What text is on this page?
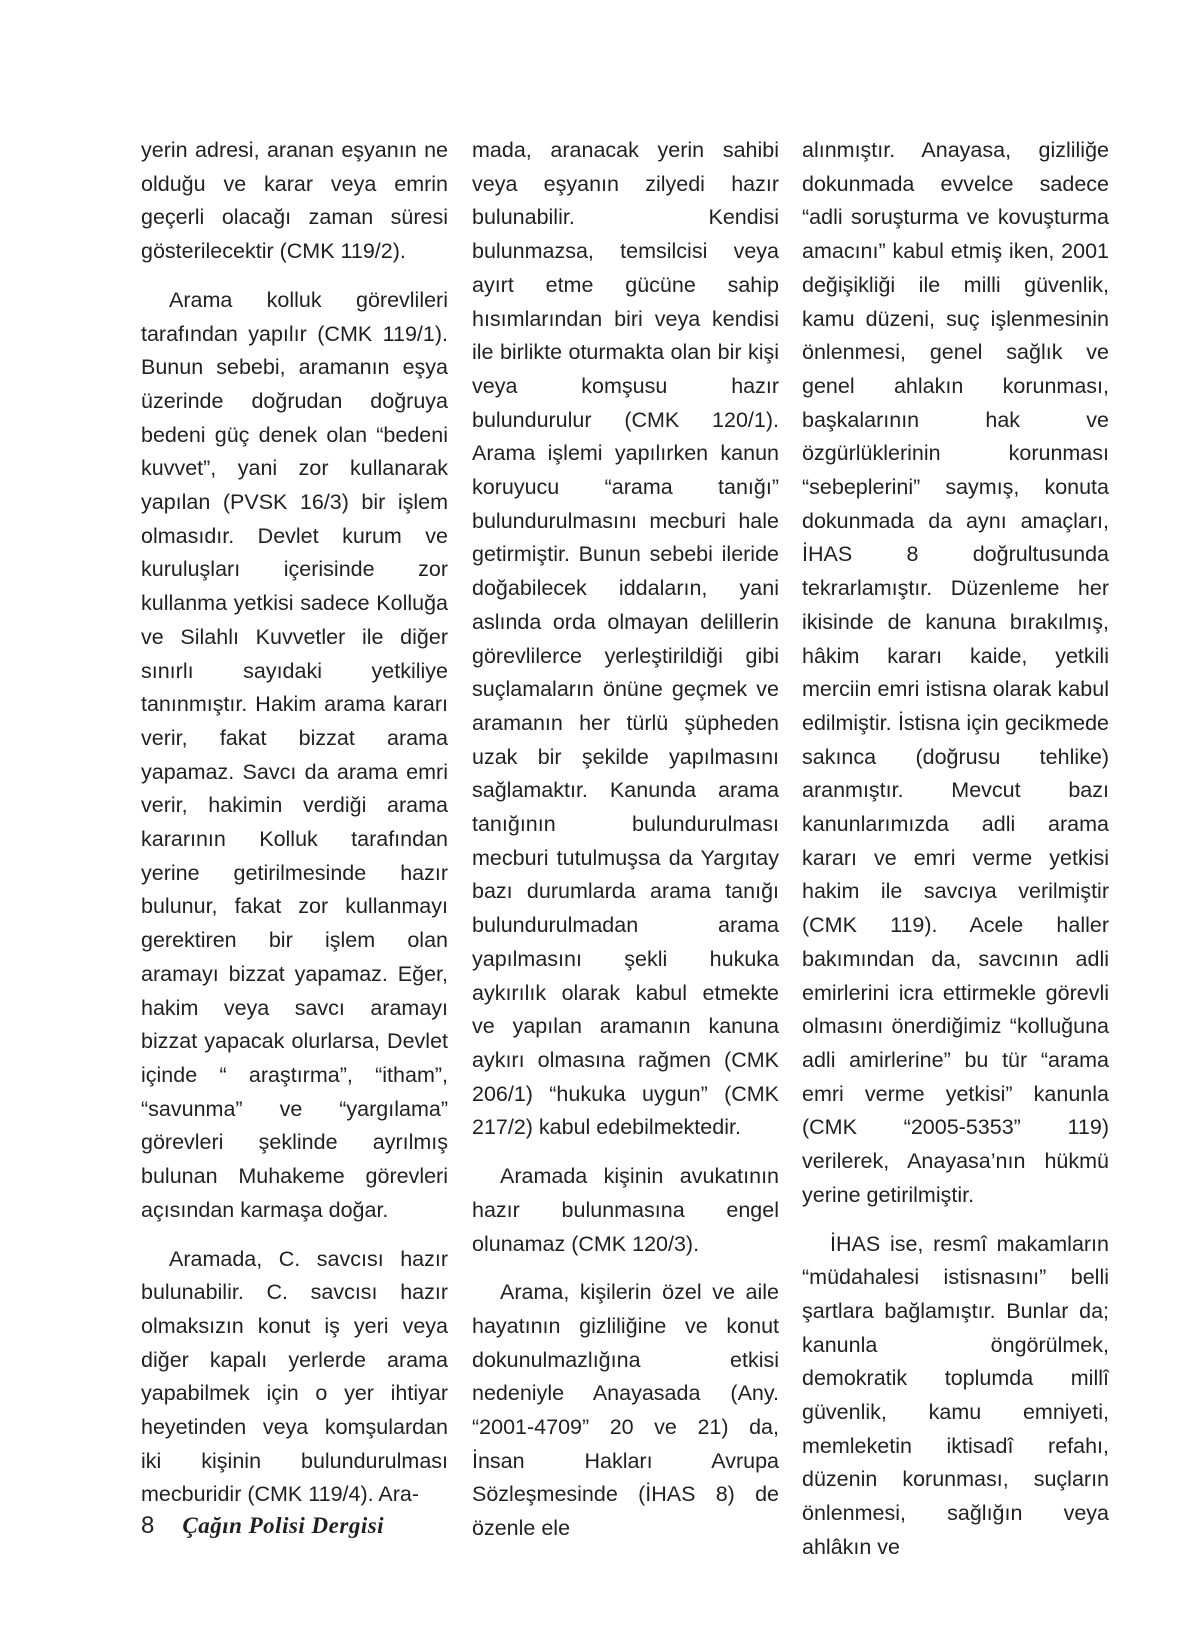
yerin adresi, aranan eşyanın ne olduğu ve karar veya emrin geçerli olacağı zaman süresi gösterilecektir (CMK 119/2).

Arama kolluk görevlileri tarafından yapılır (CMK 119/1). Bunun sebebi, aramanın eşya üzerinde doğrudan doğruya bedeni güç denek olan “bedeni kuvvet”, yani zor kullanarak yapılan (PVSK 16/3) bir işlem olmasıdır. Devlet kurum ve kuruluşları içerisinde zor kullanma yetkisi sadece Kolluğa ve Silahlı Kuvvetler ile diğer sınırlı sayıdaki yetkiliye tanınmıştır. Hakim arama kararı verir, fakat bizzat arama yapamaz. Savcı da arama emri verir, hakimin verdiği arama kararının Kolluk tarafından yerine getirilmesinde hazır bulunur, fakat zor kullanmayı gerektiren bir işlem olan aramayı bizzat yapamaz. Eğer, hakim veya savcı aramayı bizzat yapacak olurlarsa, Devlet içinde “ araştırma”, “itham”, “savunma” ve “yargılama” görevleri şeklinde ayrılmış bulunan Muhakeme görevleri açısından karmaşa doğar.

Aramada, C. savcısı hazır bulunabilir. C. savcısı hazır olmaksızın konut iş yeri veya diğer kapalı yerlerde arama yapabilmek için o yer ihtiyar heyetinden veya komşulardan iki kişinin bulundurulması mecburidir (CMK 119/4). Ara-

mada, aranacak yerin sahibi veya eşyanın zilyedi hazır bulunabilir. Kendisi bulunmazsa, temsilcisi veya ayırt etme gücüne sahip hısımlarından biri veya kendisi ile birlikte oturmakta olan bir kişi veya komşusu hazır bulundurulur (CMK 120/1). Arama işlemi yapılırken kanun koruyucu “arama tanığı” bulundurulmasını mecburi hale getirmiştir. Bunun sebebi ileride doğabilecek iddaların, yani aslında orda olmayan delillerin görevlilerce yerleştirildiği gibi suçlamaların önüne geçmek ve aramanın her türlü şüpheden uzak bir şekilde yapılmasını sağlamaktır. Kanunda arama tanığının bulundurulması mecburi tutulmuşsa da Yargıtay bazı durumlarda arama tanığı bulundurulmadan arama yapılmasını şekli hukuka aykırılık olarak kabul etmekte ve yapılan aramanın kanuna aykırı olmasına rağmen (CMK 206/1) “hukuka uygun” (CMK 217/2) kabul edebilmektedir.

Aramada kişinin avukatının hazır bulunmasına engel olunamaz (CMK 120/3).

Arama, kişilerin özel ve aile hayatının gizliliğine ve konut dokunulmazlığına etkisi nedeniyle Anayasada (Any. “2001-4709” 20 ve 21) da, İnsan Hakları Avrupa Sözleşmesinde (İHAS 8) de özenle ele

alınmıştır. Anayasa, gizliliğe dokunmada evvelce sadece “adli soruşturma ve kovuşturma amacını” kabul etmiş iken, 2001 değişikliği ile milli güvenlik, kamu düzeni, suç işlenmesinin önlenmesi, genel sağlık ve genel ahlakın korunması, başkalarının hak ve özgürlüklerinin korunması “sebeplerini” saymış, konuta dokunmada da aynı amaçları, İHAS 8 doğrultusunda tekrarlamıştır. Düzenleme her ikisinde de kanuna bırakılmış, hâkim kararı kaide, yetkili merciin emri istisna olarak kabul edilmiştir. İstisna için gecikmede sakınca (doğrusu tehlike) aranmıştır. Mevcut bazı kanunlarımızda adli arama kararı ve emri verme yetkisi hakim ile savcıya verilmiştir (CMK 119). Acele haller bakımından da, savcının adli emirlerini icra ettirmekle görevli olmasını önerdiğimiz “kolluğuna adli amirlerine” bu tür “arama emri verme yetkisi” kanunla (CMK “2005-5353” 119) verilerek, Anayasa’nın hükmü yerine getirilmiştir.

İHAS ise, resmî makamların “müdahalesi istisnasını” belli şartlara bağlamıştır. Bunlar da; kanunla öngörülmek, demokratik toplumda millî güvenlik, kamu emniyeti, memleketin iktisadî refahı, düzenin korunması, suçların önlenmesi, sağlığın veya ahlâkın ve

8 Çağın Polisi Dergisi
